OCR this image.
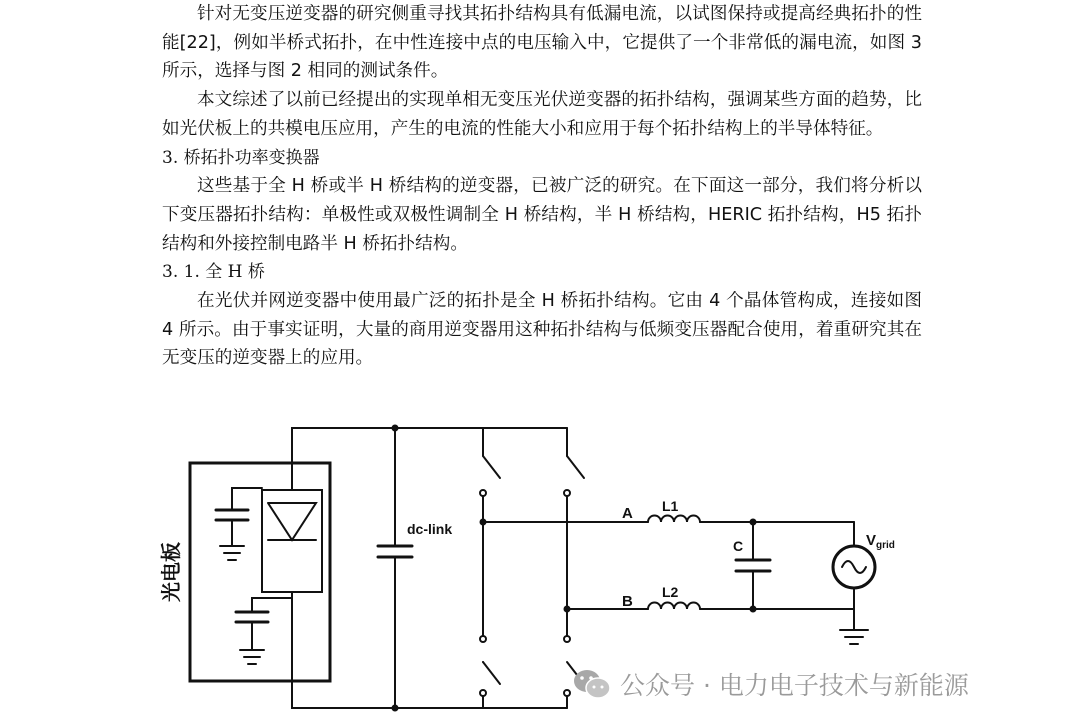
针对无变压逆变器的研究侧重寻找其拓扑结构具有低漏电流，以试图保持或提高经典拓扑的性能[22]，例如半桥式拓扑，在中性连接中点的电压输入中，它提供了一个非常低的漏电流，如图 3 所示，选择与图 2 相同的测试条件。

本文综述了以前已经提出的实现单相无变压光伏逆变器的拓扑结构，强调某些方面的趋势，比如光伏板上的共模电压应用，产生的电流的性能大小和应用于每个拓扑结构上的半导体特征。

3. 桥拓扑功率变换器

这些基于全 H 桥或半 H 桥结构的逆变器，已被广泛的研究。在下面这一部分，我们将分析以下变压器拓扑结构：单极性或双极性调制全 H 桥结构，半 H 桥结构，HERIC 拓扑结构，H5 拓扑结构和外接控制电路半 H 桥拓扑结构。

3. 1. 全 H 桥

在光伏并网逆变器中使用最广泛的拓扑是全 H 桥拓扑结构。它由 4 个晶体管构成，连接如图 4 所示。由于事实证明，大量的商用逆变器用这种拓扑结构与低频变压器配合使用，着重研究其在无变压的逆变器上的应用。

光电板
dc-link
A
B
L1
L2
C	$V_{grid}$
公众号 · 电力电子技术与新能源
